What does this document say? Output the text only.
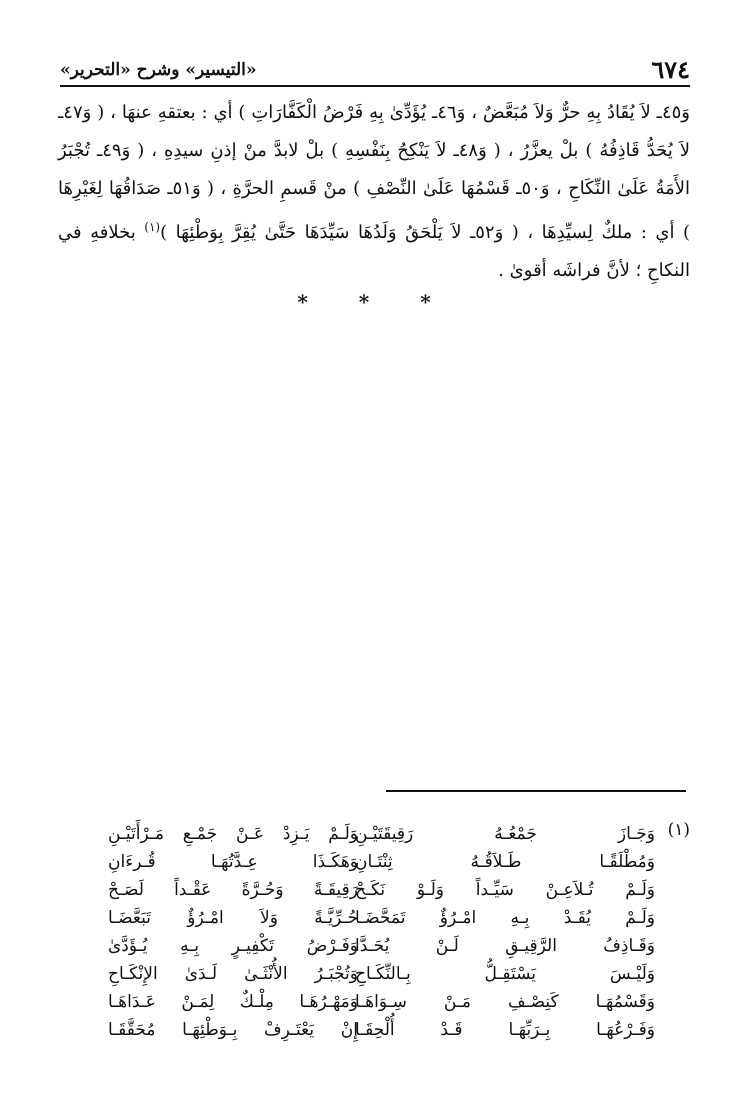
٦٧٤
«التيسير» وشرح «التحرير»

وَ٤٥ـ لاَ يُقَادُ بِهِ حرٌّ وَلاَ مُبَعَّضٌ ، وَ٤٦ـ يُؤَدِّىٰ بِهِ فَرْضُ الْكَفَّارَاتِ ) أي : بعتقهِ عنهَا ، ( وَ٤٧ـ لاَ يُحَدُّ قَاذِفُهُ ) بلْ يعزَّرُ ، ( وَ٤٨ـ لاَ يَنْكِحُ بِنَفْسِهِ ) بلْ لابدَّ منْ إذنِ سيدِهِ ، ( وَ٤٩ـ تُجْبَرُ الأَمَةُ عَلَىٰ النِّكَاحِ ، وَ٥٠ـ قَسْمُهَا عَلَىٰ النِّصْفِ ) منْ قَسمِ الحرَّةِ ، ( وَ٥١ـ صَدَاقُهَا لِغَيْرِهَا ) أي : ملكٌ لِسيِّدِهَا ، ( وَ٥٢ـ لاَ يَلْحَقُ وَلَدُهَا سَيِّدَهَا حَتَّىٰ يُقِرَّ بِوَطْئِهَا )$^{(١)}$ بخلافهِ في النكاحِ ؛ لأنَّ فراشَه أقوىٰ .

* * *
(١)
وَجَـازَ جَمْعُـهُ رَقِيقَتَيْـنِ
وَمُطْلَقًـا طَـلاَقُـهُ ثِنْتَـانِ
وَلَـمْ تُـلاَعِـنْ سَيِّـداً وَلَـوْ نَكَـحْ
وَلَـمْ يُقَـدْ بِـهِ امْـرُؤٌ تَمَحَّضَـا
وَقَـاذِفُ الرَّقِيـقِ لَـنْ يُحَـدَّا
وَلَيْـسَ يَسْتَقِـلُّ بِـالنِّكَـاحِ
وَقَسْمُهَـا كَنِصْـفِ مَـنْ سِـوَاهَـا
وَفَـرْعُهَـا بِـرَبِّهَـا قَـدْ أُلْحِقَـا
وَلَـمْ يَـزِدْ عَـنْ جَمْـعِ مَـرْأَتَيْـنِ
وَهَكَـذَا عِـدَّتُهَـا قُـرءَانِ
رَقِيقَـةً وَحُـرَّةً عَقْـداً لَصَـحْ
حُـرِّيَّـةً وَلاَ امْـرُؤٌ تَبَعَّضَـا
وَفَـرْضُ تَكْفِيـرٍ بِـهِ يُـؤَدَّىٰ
وَتُجْبَـرُ الأُنْثَـىٰ لَـدَىٰ الإِنْكَـاحِ
وَمَهْـرُهَـا مِلْـكٌ لِمَـنْ عَـدَاهَـا
إِنْ يَعْتَـرِفْ بِـوَطْئِهَـا مُحَقَّقَـا
